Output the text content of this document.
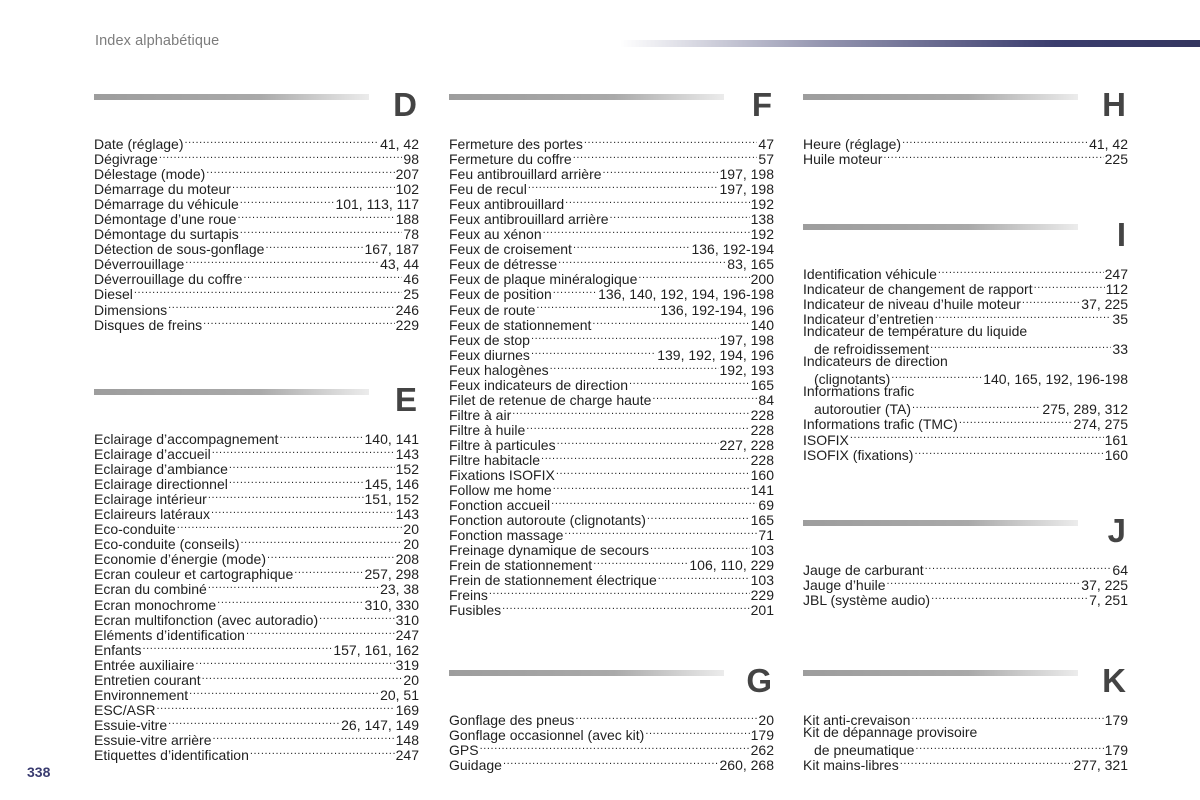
Index alphabétique
D
Date (réglage) .....	41, 42
Dégivrage .....	98
Délestage (mode) .....	207
Démarrage du moteur .....	102
Démarrage du véhicule .....	101, 113, 117
Démontage d’une roue .....	188
Démontage du surtapis .....	78
Détection de sous-gonflage .....	167, 187
Déverrouillage .....	43, 44
Déverrouillage du coffre .....	46
Diesel .....	25
Dimensions .....	246
Disques de freins .....	229
E
Eclairage d’accompagnement .....	140, 141
Eclairage d’accueil .....	143
Eclairage d’ambiance .....	152
Eclairage directionnel .....	145, 146
Eclairage intérieur .....	151, 152
Eclaireurs latéraux .....	143
Eco-conduite .....	20
Eco-conduite (conseils) .....	20
Economie d’énergie (mode) .....	208
Ecran couleur et cartographique .....	257, 298
Ecran du combiné .....	23, 38
Ecran monochrome .....	310, 330
Ecran multifonction (avec autoradio) .....	310
Eléments d’identification .....	247
Enfants .....	157, 161, 162
Entrée auxiliaire .....	319
Entretien courant .....	20
Environnement .....	20, 51
ESC/ASR .....	169
Essuie-vitre .....	26, 147, 149
Essuie-vitre arrière .....	148
Etiquettes d’identification .....	247
F
Fermeture des portes .....	47
Fermeture du coffre .....	57
Feu antibrouillard arrière .....	197, 198
Feu de recul .....	197, 198
Feux antibrouillard .....	192
Feux antibrouillard arrière .....	138
Feux au xénon .....	192
Feux de croisement .....	136, 192-194
Feux de détresse .....	83, 165
Feux de plaque minéralogique .....	200
Feux de position .....	136, 140, 192, 194, 196-198
Feux de route .....	136, 192-194, 196
Feux de stationnement .....	140
Feux de stop .....	197, 198
Feux diurnes .....	139, 192, 194, 196
Feux halogènes .....	192, 193
Feux indicateurs de direction .....	165
Filet de retenue de charge haute .....	84
Filtre à air .....	228
Filtre à huile .....	228
Filtre à particules .....	227, 228
Filtre habitacle .....	228
Fixations ISOFIX .....	160
Follow me home .....	141
Fonction accueil .....	69
Fonction autoroute (clignotants) .....	165
Fonction massage .....	71
Freinage dynamique de secours .....	103
Frein de stationnement .....	106, 110, 229
Frein de stationnement électrique .....	103
Freins .....	229
Fusibles .....	201
G
Gonflage des pneus .....	20
Gonflage occasionnel (avec kit) .....	179
GPS .....	262
Guidage .....	260, 268
H
Heure (réglage) .....	41, 42
Huile moteur .....	225
I
Identification véhicule .....	247
Indicateur de changement de rapport .....	112
Indicateur de niveau d’huile moteur .....	37, 225
Indicateur d’entretien .....	35
Indicateur de température du liquide
de refroidissement .....	33
Indicateurs de direction
(clignotants) .....	140, 165, 192, 196-198
Informations trafic
autoroutier (TA) .....	275, 289, 312
Informations trafic (TMC) .....	274, 275
ISOFIX .....	161
ISOFIX (fixations) .....	160
J
Jauge de carburant .....	64
Jauge d’huile .....	37, 225
JBL (système audio) .....	7, 251
K
Kit anti-crevaison .....	179
Kit de dépannage provisoire
de pneumatique .....	179
Kit mains-libres .....	277, 321
338
